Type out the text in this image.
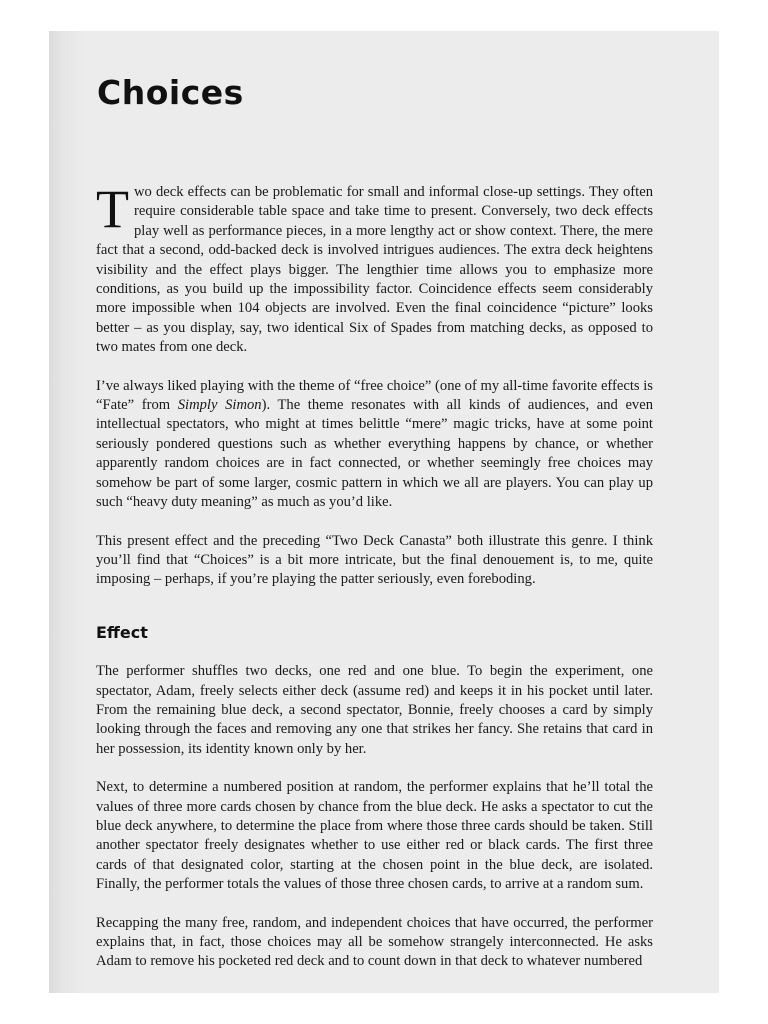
Choices

Two deck effects can be problematic for small and informal close-up settings. They often require considerable table space and take time to present. Conversely, two deck effects play well as performance pieces, in a more lengthy act or show context. There, the mere fact that a second, odd-backed deck is involved intrigues audiences. The extra deck heightens visibility and the effect plays bigger. The lengthier time allows you to emphasize more conditions, as you build up the impossibility factor. Coincidence effects seem considerably more impossible when 104 objects are involved. Even the final coincidence “picture” looks better – as you display, say, two identical Six of Spades from matching decks, as opposed to two mates from one deck.

I’ve always liked playing with the theme of “free choice” (one of my all-time favorite effects is “Fate” from Simply Simon). The theme resonates with all kinds of audiences, and even intellectual spectators, who might at times belittle “mere” magic tricks, have at some point seriously pondered questions such as whether everything happens by chance, or whether apparently random choices are in fact connected, or whether seemingly free choices may somehow be part of some larger, cosmic pattern in which we all are players. You can play up such “heavy duty meaning” as much as you’d like.

This present effect and the preceding “Two Deck Canasta” both illustrate this genre. I think you’ll find that “Choices” is a bit more intricate, but the final denouement is, to me, quite imposing – perhaps, if you’re playing the patter seriously, even foreboding.

Effect

The performer shuffles two decks, one red and one blue. To begin the experiment, one spectator, Adam, freely selects either deck (assume red) and keeps it in his pocket until later. From the remaining blue deck, a second spectator, Bonnie, freely chooses a card by simply looking through the faces and removing any one that strikes her fancy. She retains that card in her possession, its identity known only by her.

Next, to determine a numbered position at random, the performer explains that he’ll total the values of three more cards chosen by chance from the blue deck. He asks a spectator to cut the blue deck anywhere, to determine the place from where those three cards should be taken. Still another spectator freely designates whether to use either red or black cards. The first three cards of that designated color, starting at the chosen point in the blue deck, are isolated. Finally, the performer totals the values of those three chosen cards, to arrive at a random sum.

Recapping the many free, random, and independent choices that have occurred, the performer explains that, in fact, those choices may all be somehow strangely interconnected. He asks Adam to remove his pocketed red deck and to count down in that deck to whatever numbered
